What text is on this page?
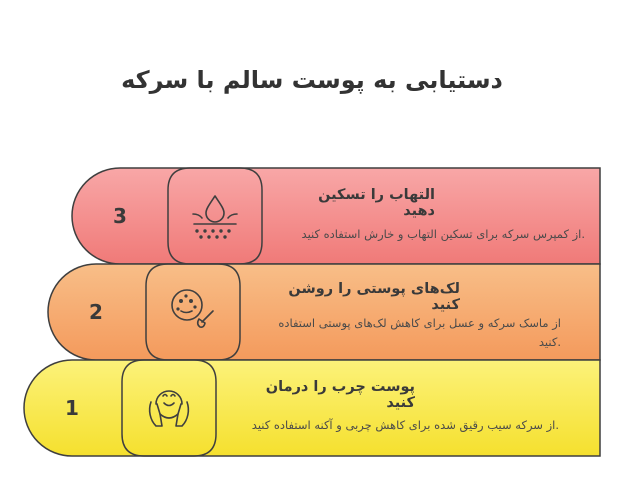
دستیابی به پوست سالم با سرکه
3
2
1
التهاب را تسکین دهید
.از کمپرس سرکه برای تسکین التهاب و خارش استفاده کنید
لک‌های پوستی را روشن کنید
از ماسک سرکه و عسل برای کاهش لک‌های پوستی استفاده .کنید
پوست چرب را درمان کنید
.از سرکه سیب رقیق شده برای کاهش چربی و آکنه استفاده کنید
